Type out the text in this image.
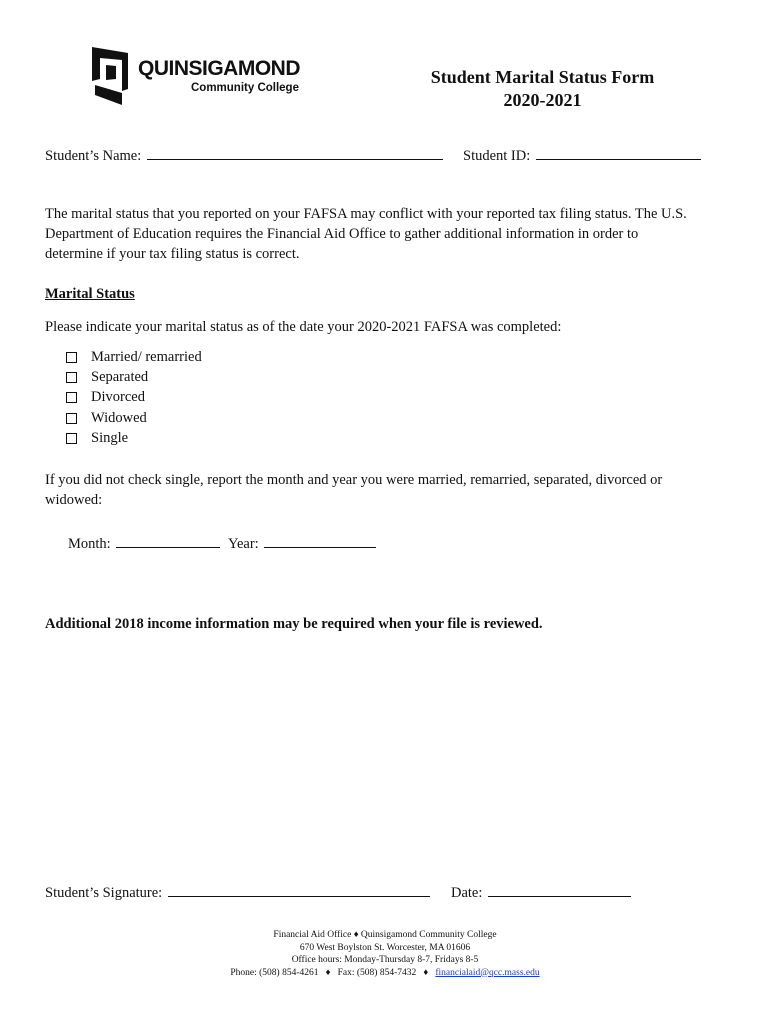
QUINSIGAMOND
Community College
Student Marital Status Form
2020-2021
Student’s Name:	Student ID:
The marital status that you reported on your FAFSA may conflict with your reported tax filing status. The U.S.
Department of Education requires the Financial Aid Office to gather additional information in order to
determine if your tax filing status is correct.
Marital Status
Please indicate your marital status as of the date your 2020-2021 FAFSA was completed:
Married/ remarried
Separated
Divorced
Widowed
Single
If you did not check single, report the month and year you were married, remarried, separated, divorced or
widowed:
Month:	Year:
Additional 2018 income information may be required when your file is reviewed.
Student’s Signature:	Date:
Financial Aid Office ♦ Quinsigamond Community College
670 West Boylston St. Worcester, MA 01606
Office hours: Monday-Thursday 8-7, Fridays 8-5
Phone: (508) 854-4261 ♦ Fax: (508) 854-7432 ♦ financialaid@qcc.mass.edu
